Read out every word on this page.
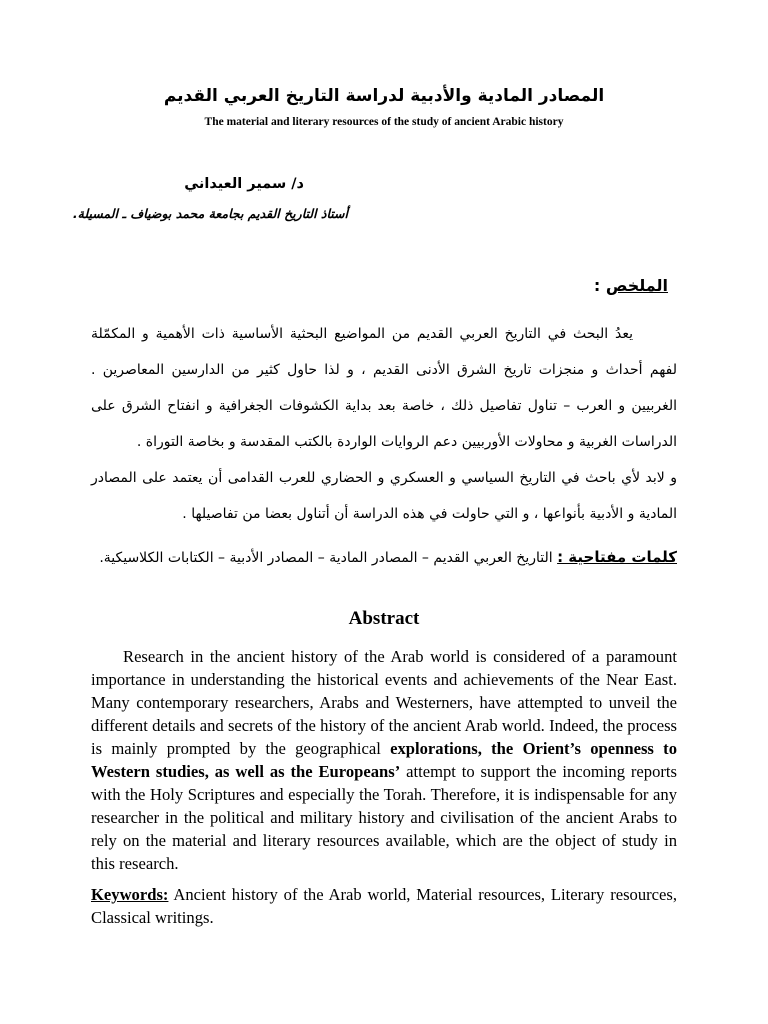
المصادر المادية والأدبية لدراسة التاريخ العربي القديم
The material and literary resources of the study of ancient Arabic history
د/ سمير العيداني
أستاذ التاريخ القديم بجامعة محمد بوضياف ـ المسيلة.
الملخص :
يعدُ البحث في التاريخ العربي القديم من المواضيع البحثية الأساسية ذات الأهمية و المكمّلة لفهم أحداث و منجزات تاريخ الشرق الأدنى القديم ، و لذا حاول كثير من الدارسين المعاصرين . الغربيين و العرب – تناول تفاصيل ذلك ، خاصة بعد بداية الكشوفات الجغرافية و انفتاح الشرق على الدراسات الغربية و محاولات الأوربيين دعم الروايات الواردة بالكتب المقدسة و بخاصة التوراة .
و لابد لأي باحث في التاريخ السياسي و العسكري و الحضاري للعرب القدامى أن يعتمد على المصادر المادية و الأدبية بأنواعها ، و التي حاولت في هذه الدراسة أن أتناول بعضا من تفاصيلها .
كلمات مفتاحية : التاريخ العربي القديم – المصادر المادية – المصادر الأدبية – الكتابات الكلاسيكية.
Abstract

Research in the ancient history of the Arab world is considered of a paramount importance in understanding the historical events and achievements of the Near East. Many contemporary researchers, Arabs and Westerners, have attempted to unveil the different details and secrets of the history of the ancient Arab world. Indeed, the process is mainly prompted by the geographical explorations, the Orient’s openness to Western studies, as well as the Europeans’ attempt to support the incoming reports with the Holy Scriptures and especially the Torah. Therefore, it is indispensable for any researcher in the political and military history and civilisation of the ancient Arabs to rely on the material and literary resources available, which are the object of study in this research.

Keywords: Ancient history of the Arab world, Material resources, Literary resources, Classical writings.
